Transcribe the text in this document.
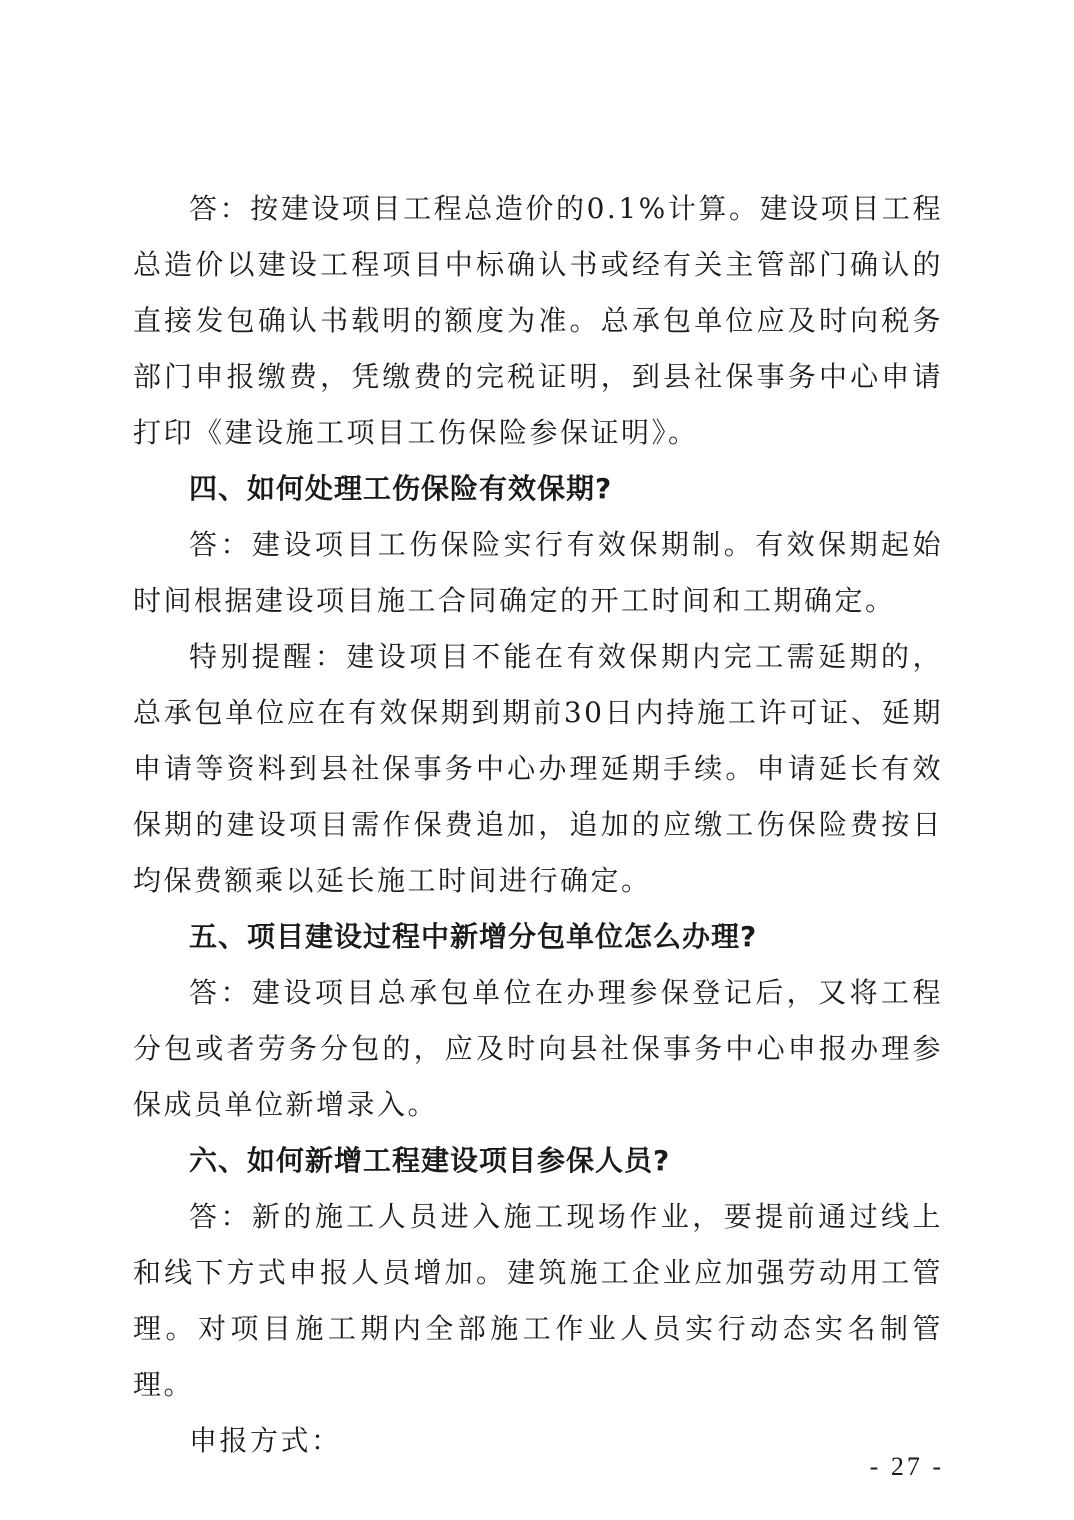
答：按建设项目工程总造价的0.1%计算。建设项目工程总造价以建设工程项目中标确认书或经有关主管部门确认的直接发包确认书载明的额度为准。总承包单位应及时向税务部门申报缴费，凭缴费的完税证明，到县社保事务中心申请打印《建设施工项目工伤保险参保证明》。

四、如何处理工伤保险有效保期?

答：建设项目工伤保险实行有效保期制。有效保期起始时间根据建设项目施工合同确定的开工时间和工期确定。

特别提醒：建设项目不能在有效保期内完工需延期的，总承包单位应在有效保期到期前30日内持施工许可证、延期申请等资料到县社保事务中心办理延期手续。申请延长有效保期的建设项目需作保费追加，追加的应缴工伤保险费按日均保费额乘以延长施工时间进行确定。

五、项目建设过程中新增分包单位怎么办理?

答：建设项目总承包单位在办理参保登记后，又将工程分包或者劳务分包的，应及时向县社保事务中心申报办理参保成员单位新增录入。

六、如何新增工程建设项目参保人员?

答：新的施工人员进入施工现场作业，要提前通过线上和线下方式申报人员增加。建筑施工企业应加强劳动用工管理。对项目施工期内全部施工作业人员实行动态实名制管理。

申报方式：

- 27 -
